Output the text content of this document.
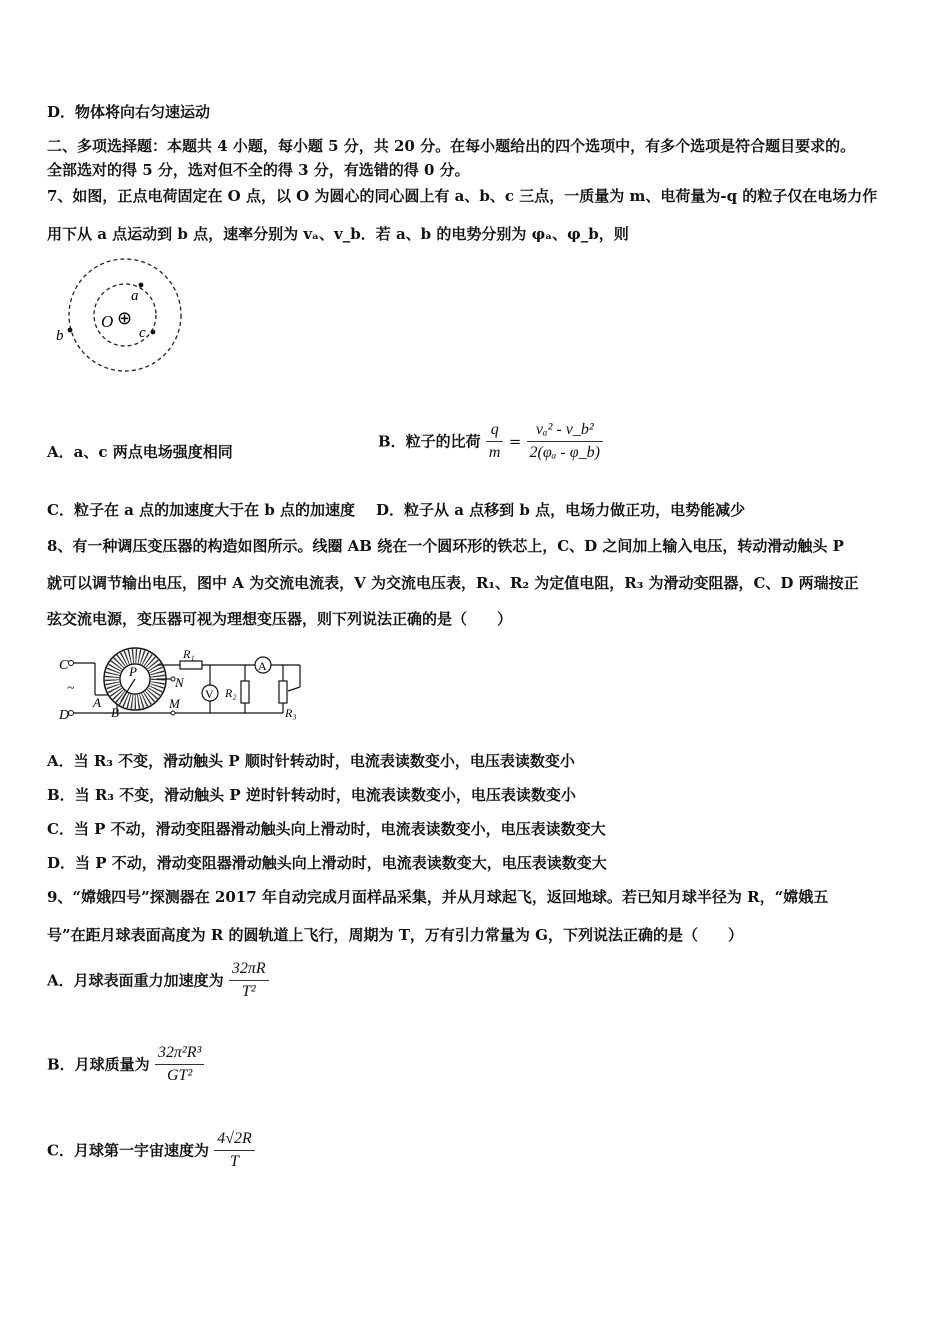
D．物体将向右匀速运动
二、多项选择题：本题共 4 小题，每小题 5 分，共 20 分。在每小题给出的四个选项中，有多个选项是符合题目要求的。
全部选对的得 5 分，选对但不全的得 3 分，有选错的得 0 分。
7、如图，正点电荷固定在 O 点，以 O 为圆心的同心圆上有 a、b、c 三点，一质量为 m、电荷量为-q 的粒子仅在电场力作
用下从 a 点运动到 b 点，速率分别为 vₐ、v_b．若 a、b 的电势分别为 φₐ、φ_b，则
a
b	c
O ⊕
A．a、c 两点电场强度相同
B．粒子的比荷 $\frac{q}{m} = \frac{\text{vₐ² - v\_b²}}{\text{2(φₐ - φ\_b)}}$
C．粒子在 a 点的加速度大于在 b 点的加速度 D．粒子从 a 点移到 b 点，电场力做正功，电势能减少
8、有一种调压变压器的构造如图所示。线圈 AB 绕在一个圆环形的铁芯上，C、D 之间加上输入电压，转动滑动触头 P
就可以调节输出电压，图中 A 为交流电流表，V 为交流电压表，R₁、R₂ 为定值电阻，R₃ 为滑动变阻器，C、D 两瑞按正
弦交流电源，变压器可视为理想变压器，则下列说法正确的是（　　）
C
D
~
P
A
B
N
R₁
A
V R₂
R₃
M
A．当 R₃ 不变，滑动触头 P 顺时针转动时，电流表读数变小，电压表读数变小
B．当 R₃ 不变，滑动触头 P 逆时针转动时，电流表读数变小，电压表读数变小
C．当 P 不动，滑动变阻器滑动触头向上滑动时，电流表读数变小，电压表读数变大
D．当 P 不动，滑动变阻器滑动触头向上滑动时，电流表读数变大，电压表读数变大
9、“嫦娥四号”探测器在 2017 年自动完成月面样品采集，并从月球起飞，返回地球。若已知月球半径为 R，“嫦娥五
号”在距月球表面高度为 R 的圆轨道上飞行，周期为 T，万有引力常量为 G，下列说法正确的是（　　）
A．月球表面重力加速度为 $\frac{32\pi R}{\text{T²}}$
B．月球质量为 $\frac{\text{32π²R³}}{\text{GT²}}$
C．月球第一宇宙速度为 $\frac{4√2R}{T}$
